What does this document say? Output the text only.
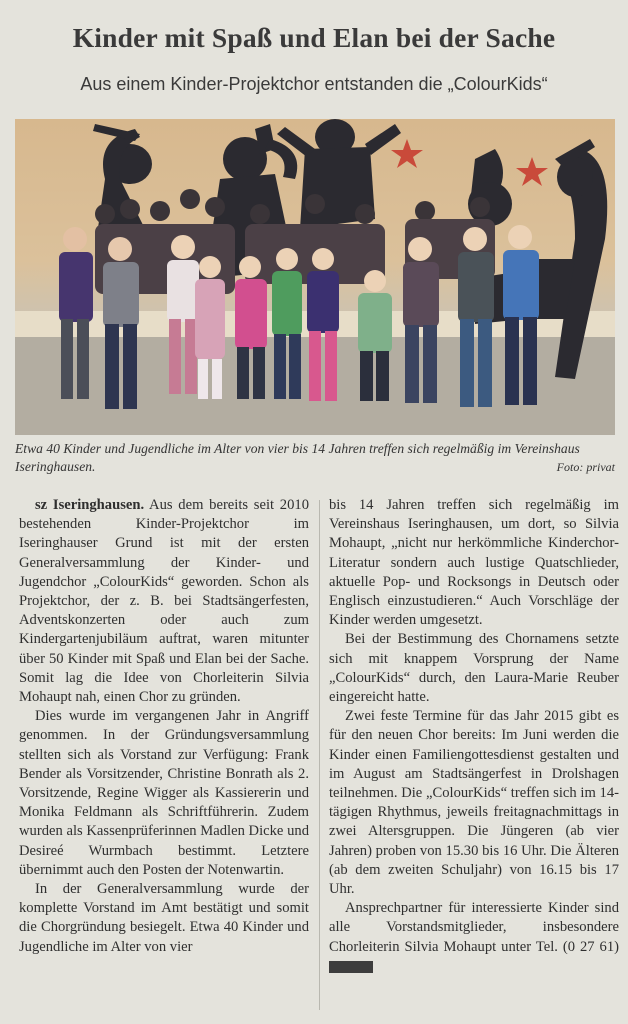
Kinder mit Spaß und Elan bei der Sache
Aus einem Kinder-Projektchor entstanden die „ColourKids“
Etwa 40 Kinder und Jugendliche im Alter von vier bis 14 Jahren treffen sich regelmäßig im Vereinshaus Iseringhausen.	Foto: privat

sz Iseringhausen. Aus dem bereits seit 2010 bestehenden Kinder-Projektchor im Iseringhauser Grund ist mit der ersten Generalversammlung der Kinder- und Jugendchor „ColourKids“ geworden. Schon als Projektchor, der z. B. bei Stadtsängerfesten, Adventskonzerten oder auch zum Kindergartenjubiläum auftrat, waren mitunter über 50 Kinder mit Spaß und Elan bei der Sache. Somit lag die Idee von Chorleiterin Silvia Mohaupt nah, einen Chor zu gründen.

Dies wurde im vergangenen Jahr in Angriff genommen. In der Gründungsversammlung stellten sich als Vorstand zur Verfügung: Frank Bender als Vorsitzender, Christine Bonrath als 2. Vorsitzende, Regine Wigger als Kassiererin und Monika Feldmann als Schriftführerin. Zudem wurden als Kassenprüferinnen Madlen Dicke und Desireé Wurmbach bestimmt. Letztere übernimmt auch den Posten der Notenwartin.

In der Generalversammlung wurde der komplette Vorstand im Amt bestätigt und somit die Chorgründung besiegelt. Etwa 40 Kinder und Jugendliche im Alter von vier

bis 14 Jahren treffen sich regelmäßig im Vereinshaus Iseringhausen, um dort, so Silvia Mohaupt, „nicht nur herkömmliche Kinderchor-Literatur sondern auch lustige Quatschlieder, aktuelle Pop- und Rocksongs in Deutsch oder Englisch einzustudieren.“ Auch Vorschläge der Kinder werden umgesetzt.

Bei der Bestimmung des Chornamens setzte sich mit knappem Vorsprung der Name „ColourKids“ durch, den Laura-Marie Reuber eingereicht hatte.

Zwei feste Termine für das Jahr 2015 gibt es für den neuen Chor bereits: Im Juni werden die Kinder einen Familiengottesdienst gestalten und im August am Stadtsängerfest in Drolshagen teilnehmen. Die „ColourKids“ treffen sich im 14-tägigen Rhythmus, jeweils freitagnachmittags in zwei Altersgruppen. Die Jüngeren (ab vier Jahren) proben von 15.30 bis 16 Uhr. Die Älteren (ab dem zweiten Schuljahr) von 16.15 bis 17 Uhr.

Ansprechpartner für interessierte Kinder sind alle Vorstandsmitglieder, insbesondere Chorleiterin Silvia Mohaupt unter Tel. (0 27 61)
